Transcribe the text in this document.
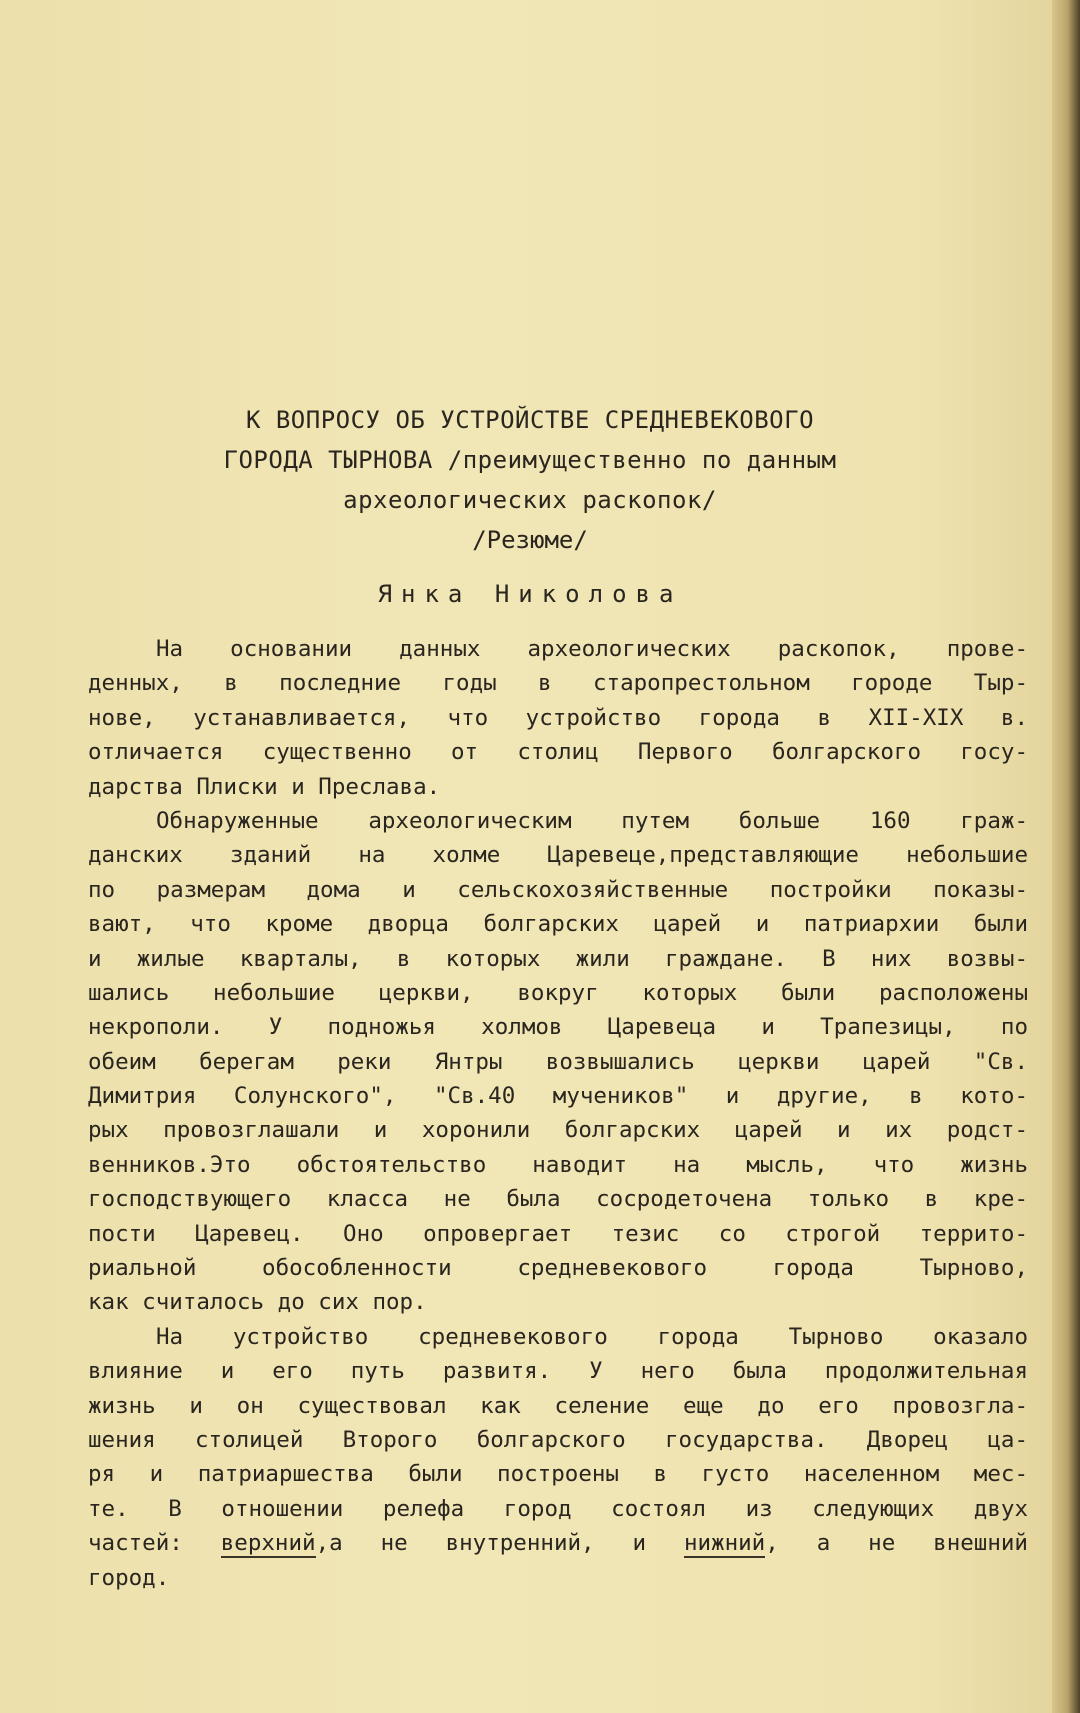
К ВОПРОСУ ОБ УСТРОЙСТВЕ СРЕДНЕВЕКОВОГО
ГОРОДА ТЫРНОВА /преимущественно по данным
археологических раскопок/
/Резюме/
Янка Николова
На основании данных археологических раскопок, прове-
денных, в последние годы в старопрестольном городе Тыр-
нове, устанавливается, что устройство города в XII-XIX в.
отличается существенно от столиц Первого болгарского госу-
дарства Плиски и Преслава.
Обнаруженные археологическим путем больше 160 граж-
данских зданий на холме Царевеце,представляющие небольшие
по размерам дома и сельскохозяйственные постройки показы-
вают, что кроме дворца болгарских царей и патриархии были
и жилые кварталы, в которых жили граждане. В них возвы-
шались небольшие церкви, вокруг которых были расположены
некрополи. У подножья холмов Царевеца и Трапезицы, по
обеим берегам реки Янтры возвышались церкви царей "Св.
Димитрия Солунского", "Св.40 мучеников" и другие, в кото-
рых провозглашали и хоронили болгарских царей и их родст-
венников.Это обстоятельство наводит на мысль, что жизнь
господствующего класса не была сосродеточена только в кре-
пости Царевец. Оно опровергает тезис со строгой террито-
риальной обособленности средневекового города Тырново,
как считалось до сих пор.
На устройство средневекового города Тырново оказало
влияние и его путь развитя. У него была продолжительная
жизнь и он существовал как селение еще до его провозгла-
шения столицей Второго болгарского государства. Дворец ца-
ря и патриаршества были построены в густо населенном мес-
те. В отношении релефа город состоял из следующих двух
частей: верхний,а не внутренний, и нижний, а не внешний
город.
